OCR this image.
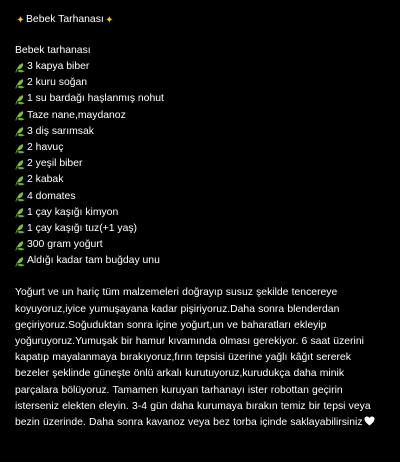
✦ Bebek Tarhanası ✦
Bebek tarhanası
3 kapya biber
2 kuru soğan
1 su bardağı haşlanmış nohut
Taze nane,maydanoz
3 diş sarımsak
2 havuç
2 yeşil biber
2 kabak
4 domates
1 çay kaşığı kimyon
1 çay kaşığı tuz(+1 yaş)
300 gram yoğurt
Aldığı kadar tam buğday unu
Yoğurt ve un hariç tüm malzemeleri doğrayıp susuz şekilde tencereye koyuyoruz,iyice yumuşayana kadar pişiriyoruz.Daha sonra blenderdan geçiriyoruz.Soğuduktan sonra içine yoğurt,un ve baharatları ekleyip yoğuruyoruz.Yumuşak bir hamur kıvamında olması gerekiyor. 6 saat üzerini kapatıp mayalanmaya bırakıyoruz,fırın tepsisi üzerine yağlı kâğıt sererek bezeler şeklinde güneşte önlü arkalı kurutuyoruz,kurudukça daha minik parçalara bölüyoruz. Tamamen kuruyan tarhanayı ister robottan geçirin isterseniz elekten eleyin. 3-4 gün daha kurumaya bırakın temiz bir tepsi veya bezin üzerinde. Daha sonra kavanoz veya bez torba içinde saklayabilirsiniz
